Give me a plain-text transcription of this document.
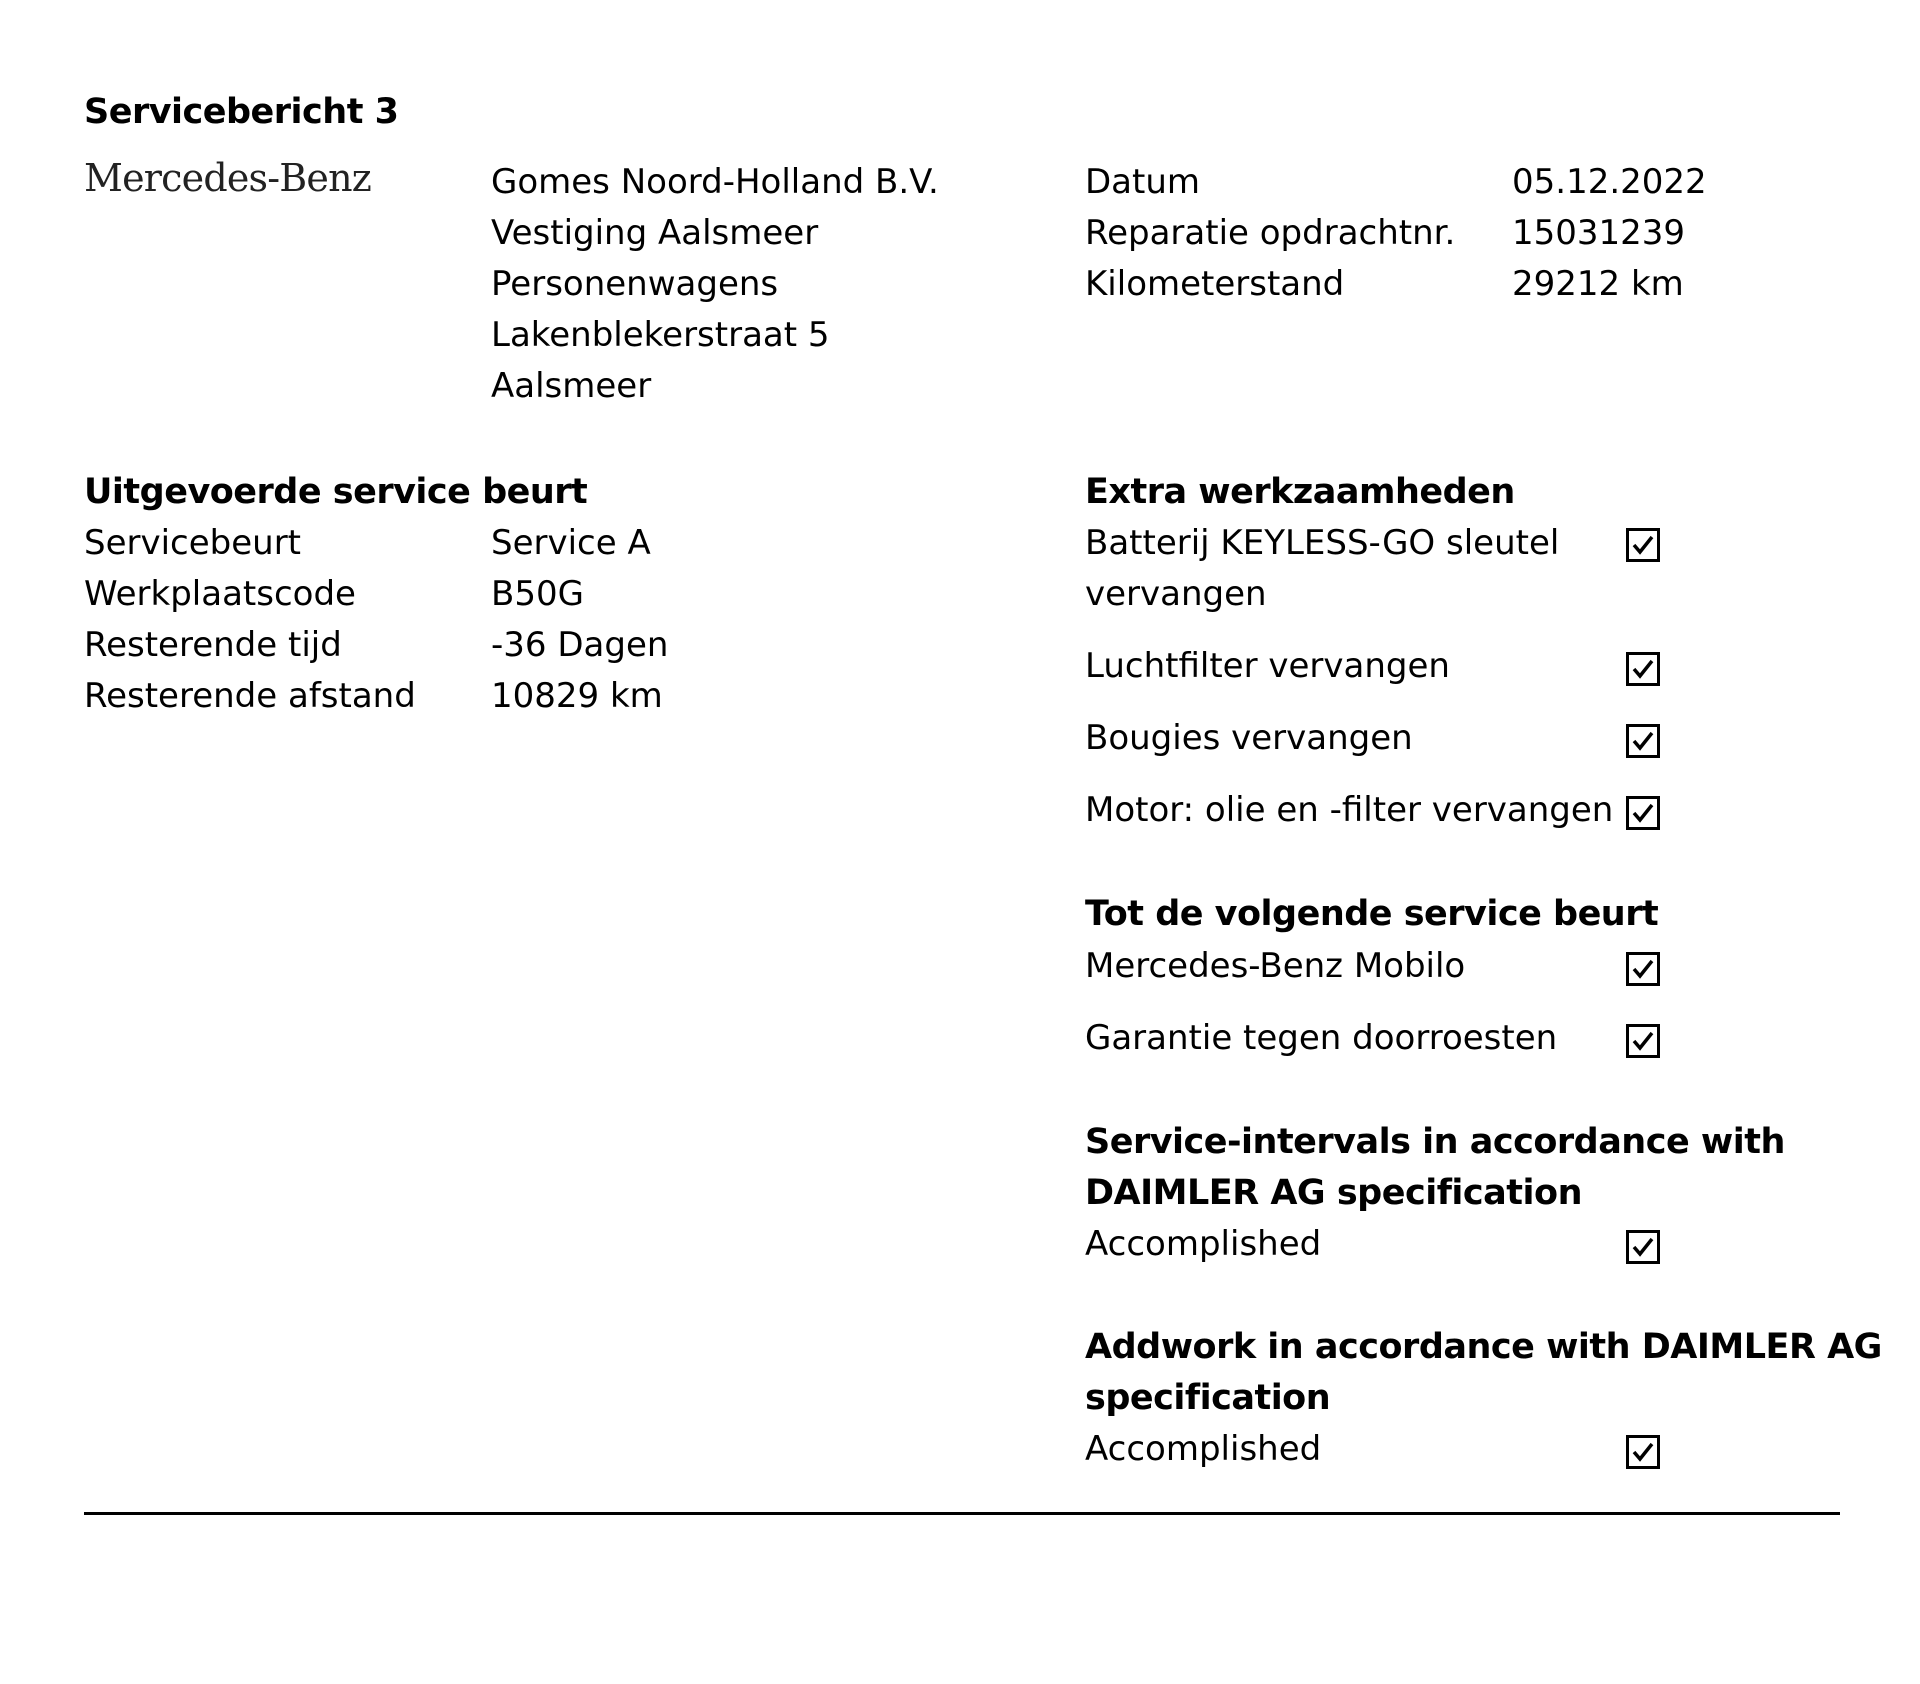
Servicebericht 3
Mercedes-Benz	Gomes Noord-Holland B.V.
Vestiging Aalsmeer
Personenwagens
Lakenblekerstraat 5
Aalsmeer
Datum
Reparatie opdrachtnr.
Kilometerstand
05.12.2022
15031239
29212 km
Uitgevoerde service beurt
Servicebeurt
Werkplaatscode
Resterende tijd
Resterende afstand
Service A
B50G
-36 Dagen
10829 km
Extra werkzaamheden
Batterij KEYLESS-GO sleutel
vervangen
Luchtfilter vervangen
Bougies vervangen
Motor: olie en -filter vervangen
Tot de volgende service beurt
Mercedes-Benz Mobilo
Garantie tegen doorroesten
Service-intervals in accordance with
DAIMLER AG specification
Accomplished
Addwork in accordance with DAIMLER AG
specification
Accomplished
